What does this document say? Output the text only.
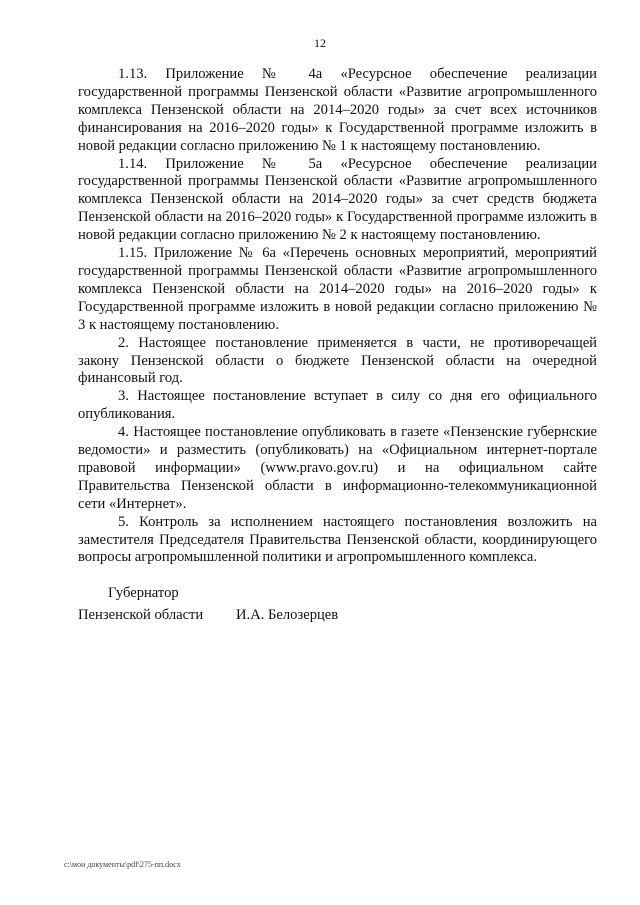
12

1.13. Приложение № 4а «Ресурсное обеспечение реализации государственной программы Пензенской области «Развитие агропромышленного комплекса Пензенской области на 2014–2020 годы» за счет всех источников финансирования на 2016–2020 годы» к Государственной программе изложить в новой редакции согласно приложению № 1 к настоящему постановлению.

1.14. Приложение № 5а «Ресурсное обеспечение реализации государственной программы Пензенской области «Развитие агропромышленного комплекса Пензенской области на 2014–2020 годы» за счет средств бюджета Пензенской области на 2016–2020 годы» к Государственной программе изложить в новой редакции согласно приложению № 2 к настоящему постановлению.

1.15. Приложение № 6а «Перечень основных мероприятий, мероприятий государственной программы Пензенской области «Развитие агропромышленного комплекса Пензенской области на 2014–2020 годы» на 2016–2020 годы» к Государственной программе изложить в новой редакции согласно приложению № 3 к настоящему постановлению.

2. Настоящее постановление применяется в части, не противоречащей закону Пензенской области о бюджете Пензенской области на очередной финансовый год.

3. Настоящее постановление вступает в силу со дня его официального опубликования.

4. Настоящее постановление опубликовать в газете «Пензенские губернские ведомости» и разместить (опубликовать) на «Официальном интернет-портале правовой информации» (www.pravo.gov.ru) и на официальном сайте Правительства Пензенской области в информационно-телекоммуникационной сети «Интернет».

5. Контроль за исполнением настоящего постановления возложить на заместителя Председателя Правительства Пензенской области, координирующего вопросы агропромышленной политики и агропромышленного комплекса.

Губернатор
Пензенской области	И.А. Белозерцев
c:\мои документы\pdf\275-пп.docx
